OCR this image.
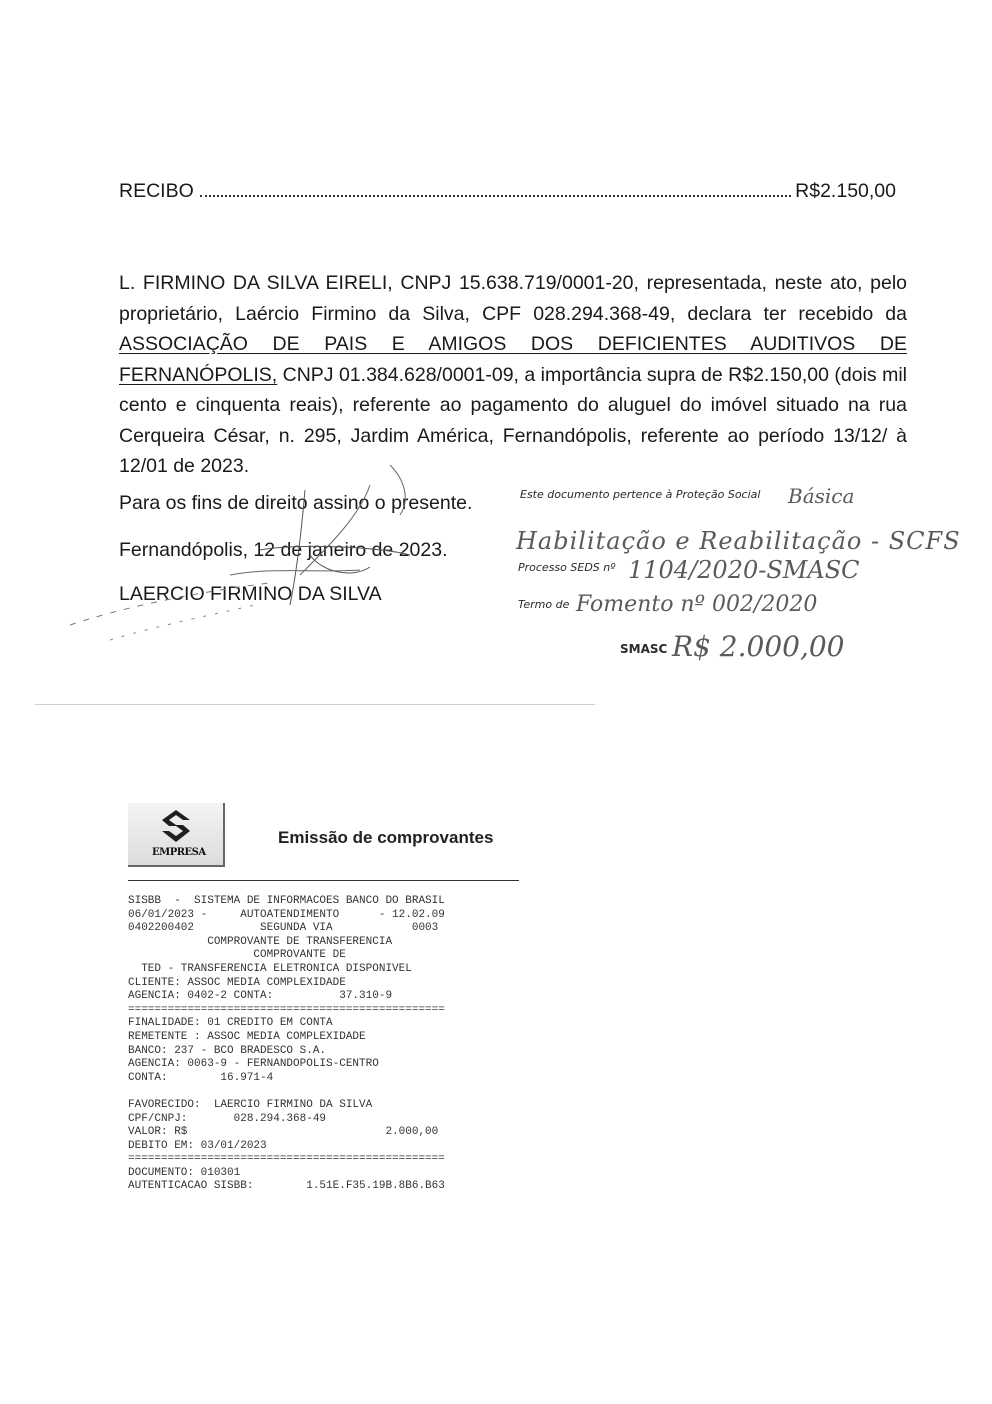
RECIBO	R$2.150,00
L. FIRMINO DA SILVA EIRELI, CNPJ 15.638.719/0001-20, representada, neste ato, pelo proprietário, Laércio Firmino da Silva, CPF 028.294.368-49, declara ter recebido da ASSOCIAÇÃO DE PAIS E AMIGOS DOS DEFICIENTES AUDITIVOS DE FERNANÓPOLIS, CNPJ 01.384.628/0001-09, a importância supra de R$2.150,00 (dois mil cento e cinquenta reais), referente ao pagamento do aluguel do imóvel situado na rua Cerqueira César, n. 295, Jardim América, Fernandópolis, referente ao período 13/12/ à 12/01 de 2023.
Para os fins de direito assino o presente.
Fernandópolis, 12 de janeiro de 2023.
LAERCIO FIRMINO DA SILVA
Este documento pertence à Proteção Social Básica
Habilitação e Reabilitação - SCFS
Processo SEDS nº 1104/2020-SMASC
Termo de Fomento nº 002/2020
SMASC R$ 2.000,00
EMPRESA
Emissão de comprovantes
SISBB  -  SISTEMA DE INFORMACOES BANCO DO BRASIL
06/01/2023 -     AUTOATENDIMENTO      - 12.02.09
0402200402          SEGUNDA VIA            0003
COMPROVANTE DE TRANSFERENCIA
COMPROVANTE DE
TED - TRANSFERENCIA ELETRONICA DISPONIVEL
CLIENTE: ASSOC MEDIA COMPLEXIDADE
AGENCIA: 0402-2 CONTA:          37.310-9
================================================
FINALIDADE: 01 CREDITO EM CONTA
REMETENTE : ASSOC MEDIA COMPLEXIDADE
BANCO: 237 - BCO BRADESCO S.A.
AGENCIA: 0063-9 - FERNANDOPOLIS-CENTRO
CONTA:        16.971-4

FAVORECIDO:  LAERCIO FIRMINO DA SILVA
CPF/CNPJ:       028.294.368-49
VALOR: R$                              2.000,00
DEBITO EM: 03/01/2023
================================================
DOCUMENTO: 010301
AUTENTICACAO SISBB:        1.51E.F35.19B.8B6.B63
